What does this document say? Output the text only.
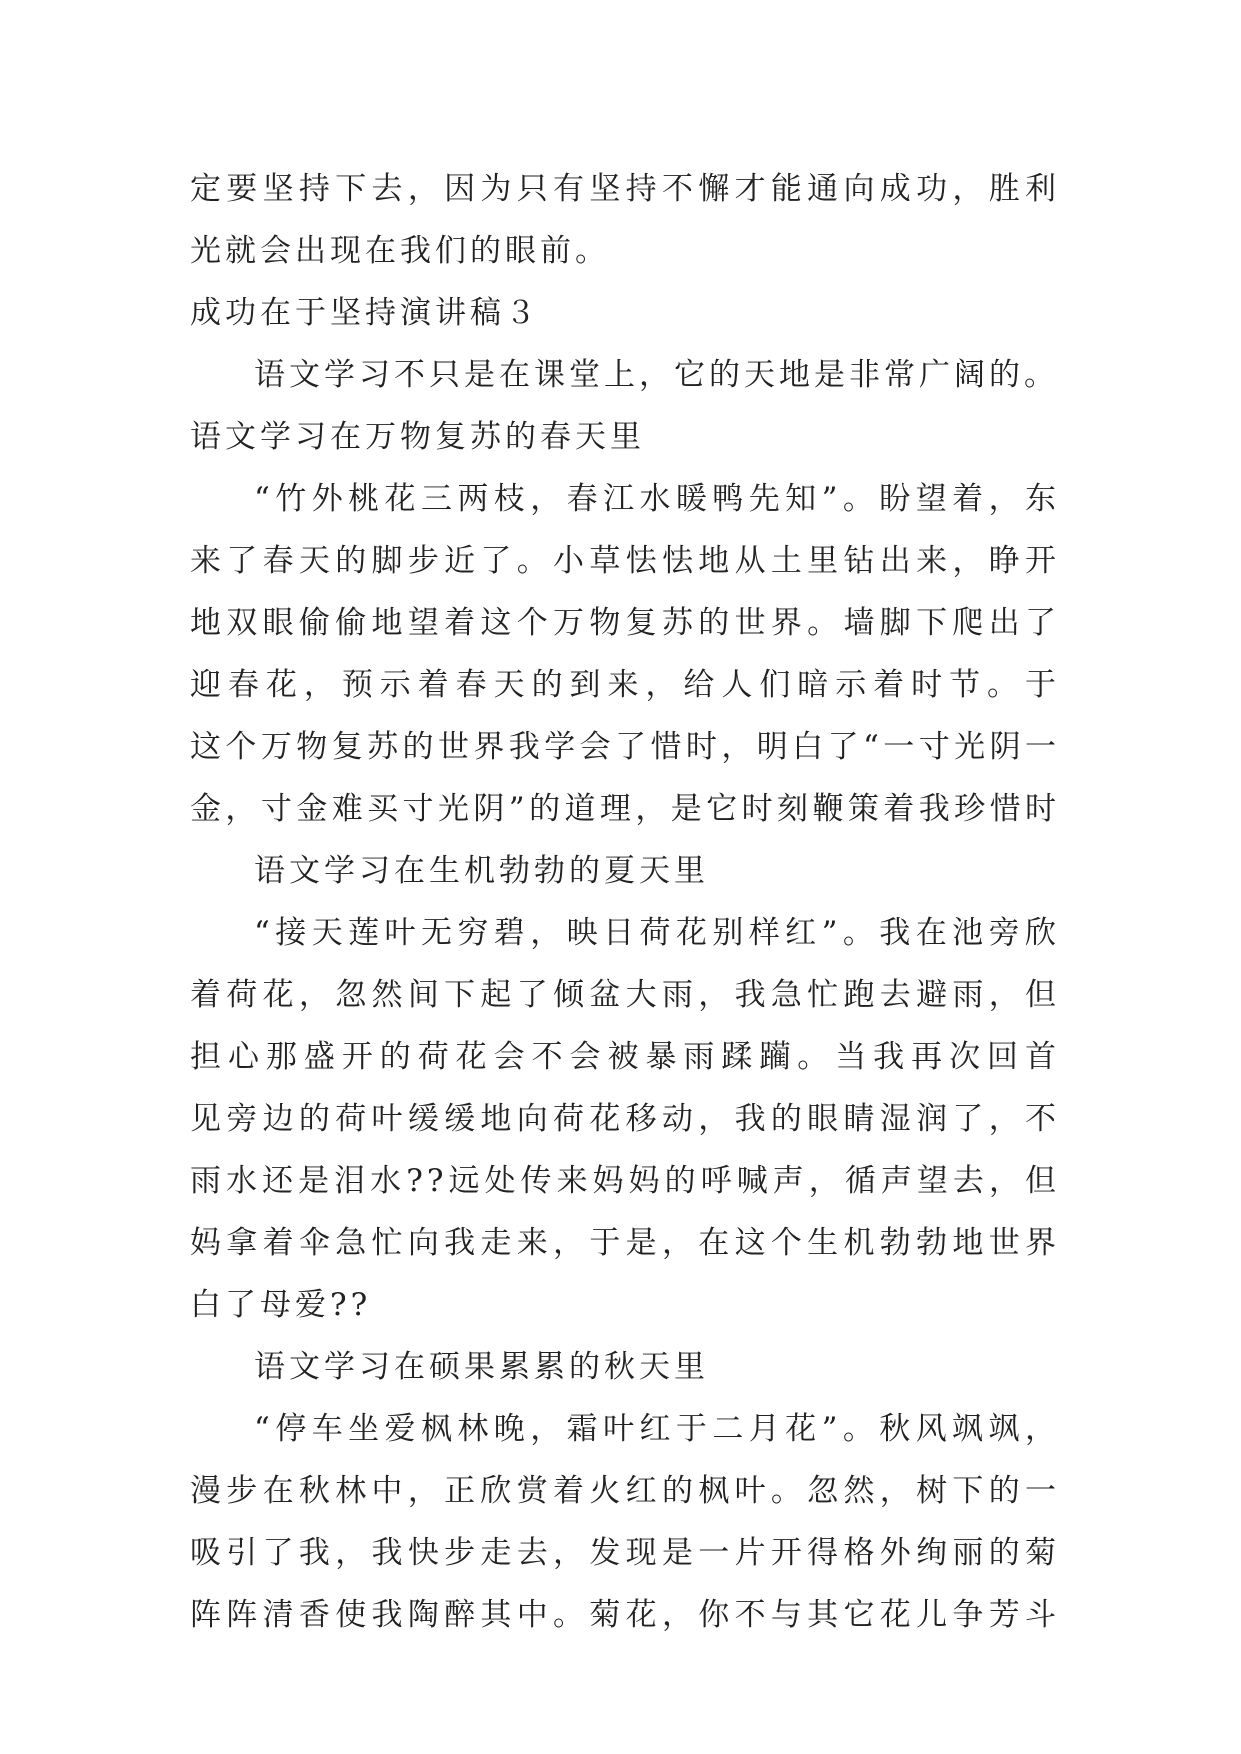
定要坚持下去，因为只有坚持不懈才能通向成功，胜利
光就会出现在我们的眼前。
成功在于坚持演讲稿３
语文学习不只是在课堂上，它的天地是非常广阔的。
语文学习在万物复苏的春天里
“竹外桃花三两枝，春江水暖鸭先知”。盼望着，东
来了春天的脚步近了。小草怯怯地从土里钻出来，睁开
地双眼偷偷地望着这个万物复苏的世界。墙脚下爬出了
迎春花，预示着春天的到来，给人们暗示着时节。于
这个万物复苏的世界我学会了惜时，明白了“一寸光阴一
金，寸金难买寸光阴”的道理，是它时刻鞭策着我珍惜时
语文学习在生机勃勃的夏天里
“接天莲叶无穷碧，映日荷花别样红”。我在池旁欣
着荷花，忽然间下起了倾盆大雨，我急忙跑去避雨，但
担心那盛开的荷花会不会被暴雨蹂躏。当我再次回首
见旁边的荷叶缓缓地向荷花移动，我的眼睛湿润了，不
雨水还是泪水??远处传来妈妈的呼喊声，循声望去，但
妈拿着伞急忙向我走来，于是，在这个生机勃勃地世界
白了母爱??
语文学习在硕果累累的秋天里
“停车坐爱枫林晚，霜叶红于二月花”。秋风飒飒，
漫步在秋林中，正欣赏着火红的枫叶。忽然，树下的一
吸引了我，我快步走去，发现是一片开得格外绚丽的菊
阵阵清香使我陶醉其中。菊花，你不与其它花儿争芳斗
